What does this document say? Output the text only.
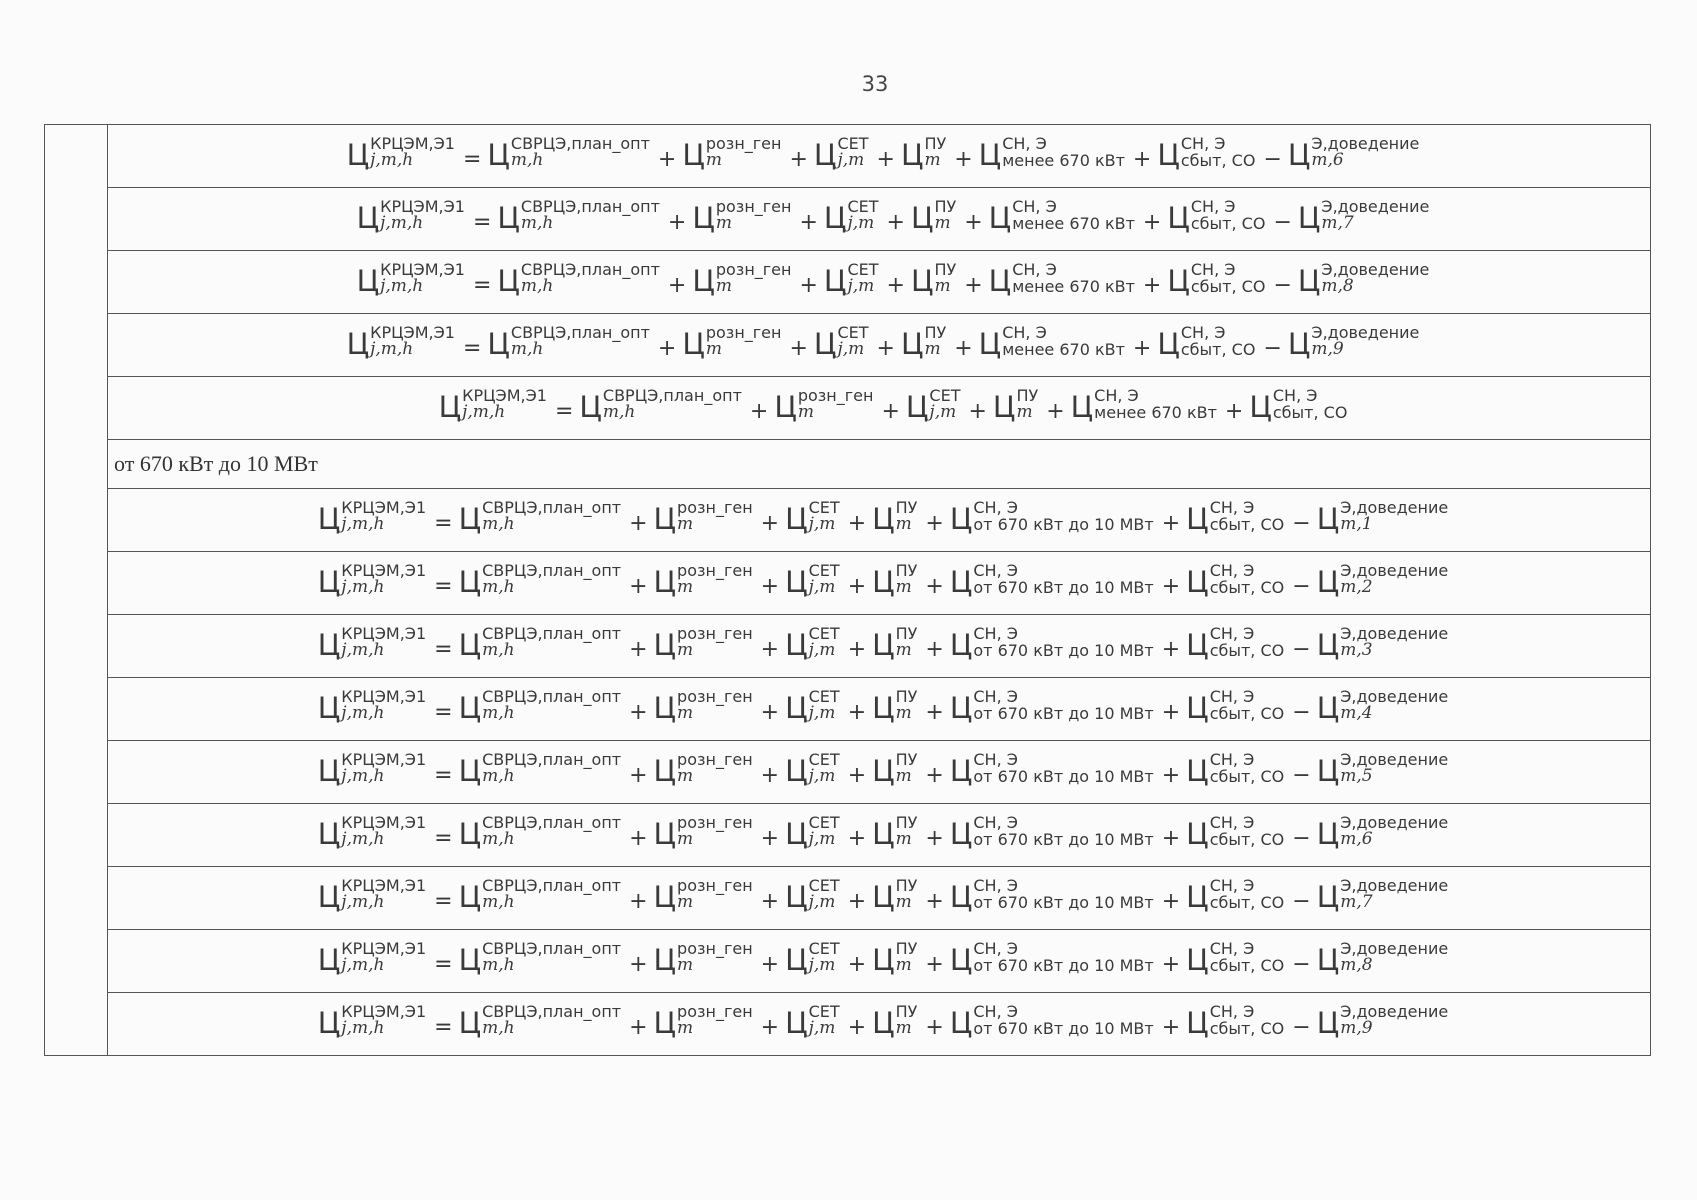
33
Ц КРЦЭМ,Э1
j,m,h	= Ц СВРЦЭ,план_опт
m,h	+ Ц розн_ген
m	+ Ц СЕТ
j,m + Ц ПУ
m + Ц СН, Э
менее 670 кВт + Ц СН, Э
сбыт, СО − Ц Э,доведение
m,6
Ц КРЦЭМ,Э1
j,m,h	= Ц СВРЦЭ,план_опт
m,h	+ Ц розн_ген
m	+ Ц СЕТ
j,m + Ц ПУ
m + Ц СН, Э
менее 670 кВт + Ц СН, Э
сбыт, СО − Ц Э,доведение
m,7
Ц КРЦЭМ,Э1
j,m,h	= Ц СВРЦЭ,план_опт
m,h	+ Ц розн_ген
m	+ Ц СЕТ
j,m + Ц ПУ
m + Ц СН, Э
менее 670 кВт + Ц СН, Э
сбыт, СО − Ц Э,доведение
m,8
Ц КРЦЭМ,Э1
j,m,h	= Ц СВРЦЭ,план_опт
m,h	+ Ц розн_ген
m	+ Ц СЕТ
j,m + Ц ПУ
m + Ц СН, Э
менее 670 кВт + Ц СН, Э
сбыт, СО − Ц Э,доведение
m,9
Ц КРЦЭМ,Э1
j,m,h	= Ц СВРЦЭ,план_опт
m,h	+ Ц розн_ген
m	+ Ц СЕТ
j,m + Ц ПУ
m + Ц СН, Э
менее 670 кВт + Ц СН, Э
сбыт, СО
от 670 кВт до 10 МВт
Ц КРЦЭМ,Э1
j,m,h	= Ц СВРЦЭ,план_опт
m,h	+ Ц розн_ген
m	+ Ц СЕТ
j,m + Ц ПУ
m + Ц СН, Э
от 670 кВт до 10 МВт + Ц СН, Э
сбыт, СО − Ц Э,доведение
m,1
Ц КРЦЭМ,Э1
j,m,h	= Ц СВРЦЭ,план_опт
m,h	+ Ц розн_ген
m	+ Ц СЕТ
j,m + Ц ПУ
m + Ц СН, Э
от 670 кВт до 10 МВт + Ц СН, Э
сбыт, СО − Ц Э,доведение
m,2
Ц КРЦЭМ,Э1
j,m,h	= Ц СВРЦЭ,план_опт
m,h	+ Ц розн_ген
m	+ Ц СЕТ
j,m + Ц ПУ
m + Ц СН, Э
от 670 кВт до 10 МВт + Ц СН, Э
сбыт, СО − Ц Э,доведение
m,3
Ц КРЦЭМ,Э1
j,m,h	= Ц СВРЦЭ,план_опт
m,h	+ Ц розн_ген
m	+ Ц СЕТ
j,m + Ц ПУ
m + Ц СН, Э
от 670 кВт до 10 МВт + Ц СН, Э
сбыт, СО − Ц Э,доведение
m,4
Ц КРЦЭМ,Э1
j,m,h	= Ц СВРЦЭ,план_опт
m,h	+ Ц розн_ген
m	+ Ц СЕТ
j,m + Ц ПУ
m + Ц СН, Э
от 670 кВт до 10 МВт + Ц СН, Э
сбыт, СО − Ц Э,доведение
m,5
Ц КРЦЭМ,Э1
j,m,h	= Ц СВРЦЭ,план_опт
m,h	+ Ц розн_ген
m	+ Ц СЕТ
j,m + Ц ПУ
m + Ц СН, Э
от 670 кВт до 10 МВт + Ц СН, Э
сбыт, СО − Ц Э,доведение
m,6
Ц КРЦЭМ,Э1
j,m,h	= Ц СВРЦЭ,план_опт
m,h	+ Ц розн_ген
m	+ Ц СЕТ
j,m + Ц ПУ
m + Ц СН, Э
от 670 кВт до 10 МВт + Ц СН, Э
сбыт, СО − Ц Э,доведение
m,7
Ц КРЦЭМ,Э1
j,m,h	= Ц СВРЦЭ,план_опт
m,h	+ Ц розн_ген
m	+ Ц СЕТ
j,m + Ц ПУ
m + Ц СН, Э
от 670 кВт до 10 МВт + Ц СН, Э
сбыт, СО − Ц Э,доведение
m,8
Ц КРЦЭМ,Э1
j,m,h	= Ц СВРЦЭ,план_опт
m,h	+ Ц розн_ген
m	+ Ц СЕТ
j,m + Ц ПУ
m + Ц СН, Э
от 670 кВт до 10 МВт + Ц СН, Э
сбыт, СО − Ц Э,доведение
m,9
